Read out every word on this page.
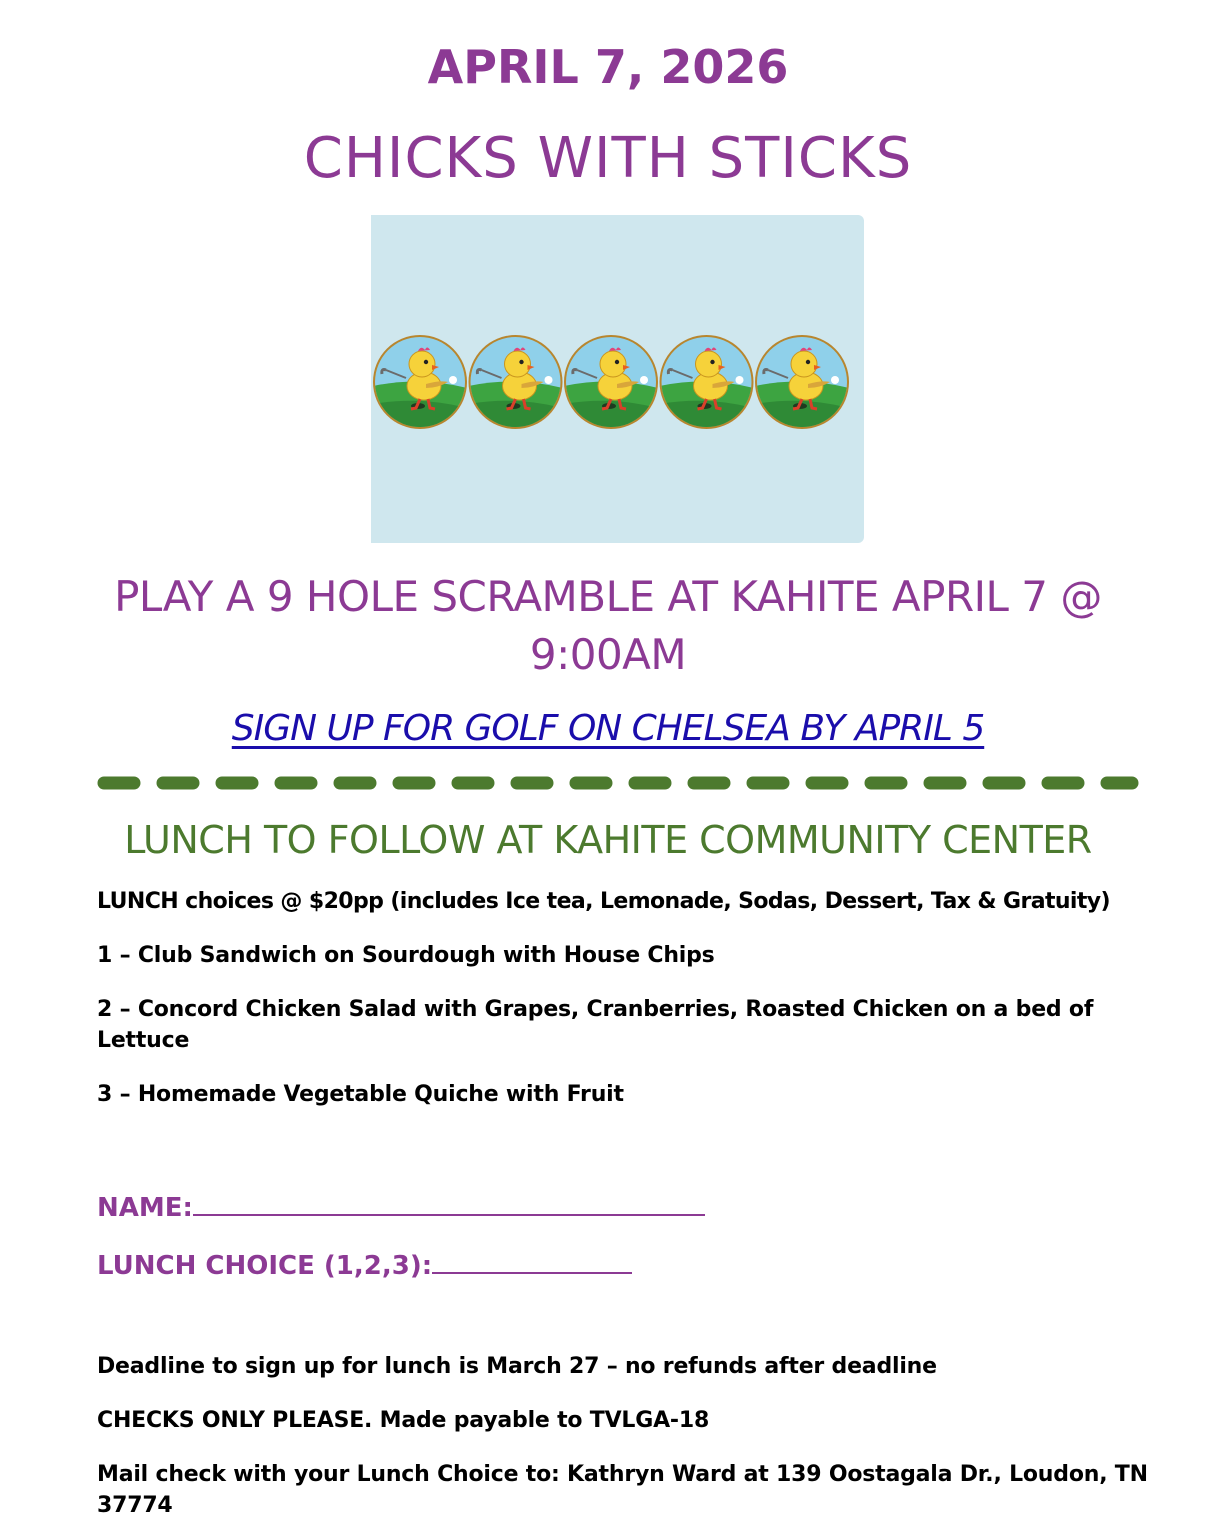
APRIL 7, 2026
CHICKS WITH STICKS
PLAY A 9 HOLE SCRAMBLE AT KAHITE APRIL 7 @ 9:00AM
SIGN UP FOR GOLF ON CHELSEA BY APRIL 5
LUNCH TO FOLLOW AT KAHITE COMMUNITY CENTER

LUNCH choices @ $20pp (includes Ice tea, Lemonade, Sodas, Dessert, Tax & Gratuity)

1 – Club Sandwich on Sourdough with House Chips

2 – Concord Chicken Salad with Grapes, Cranberries, Roasted Chicken on a bed of Lettuce

3 – Homemade Vegetable Quiche with Fruit

NAME:
LUNCH CHOICE (1,2,3):

Deadline to sign up for lunch is March 27 – no refunds after deadline

CHECKS ONLY PLEASE. Made payable to TVLGA-18

Mail check with your Lunch Choice to: Kathryn Ward at 139 Oostagala Dr., Loudon, TN 37774
